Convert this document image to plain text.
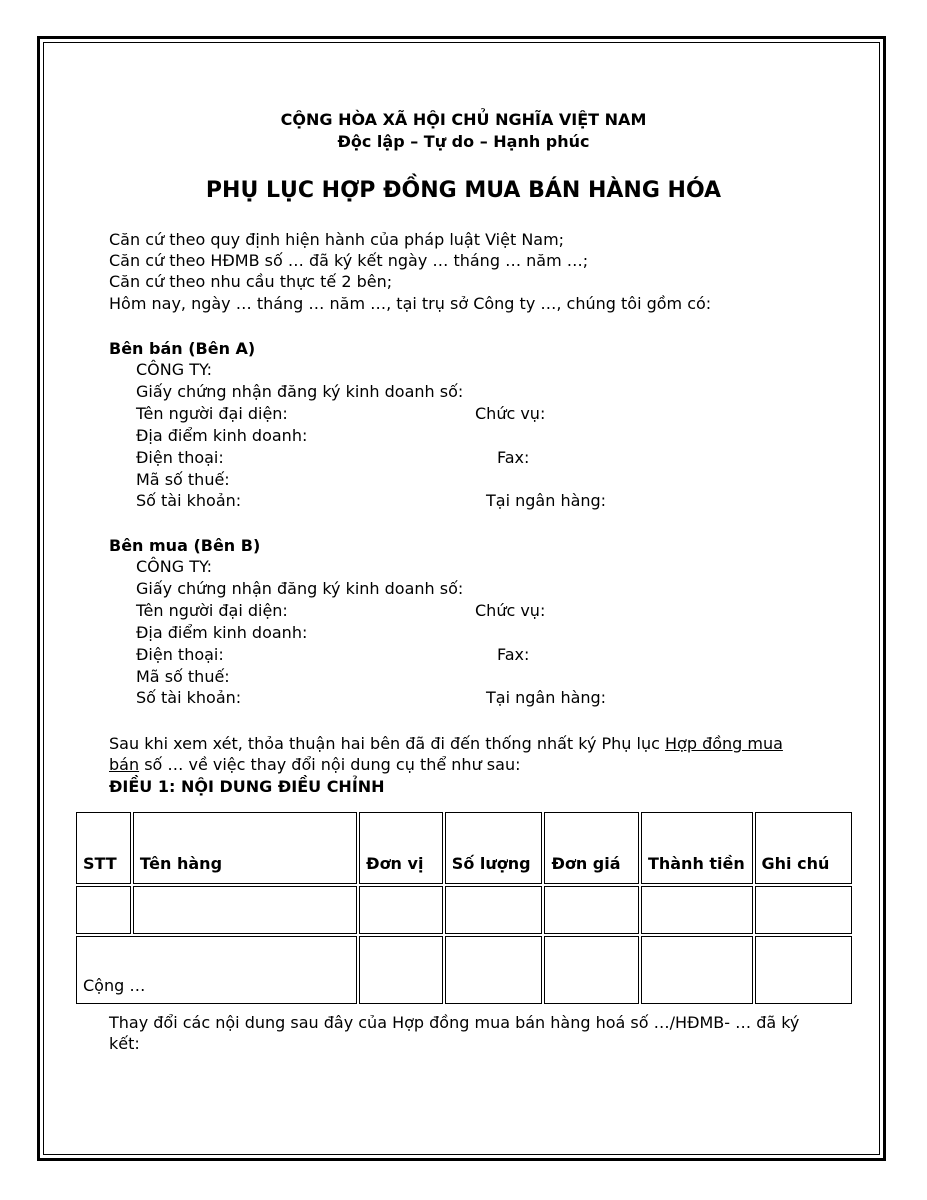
CỘNG HÒA XÃ HỘI CHỦ NGHĨA VIỆT NAM
Độc lập – Tự do – Hạnh phúc
PHỤ LỤC HỢP ĐỒNG MUA BÁN HÀNG HÓA
Căn cứ theo quy định hiện hành của pháp luật Việt Nam;
Căn cứ theo HĐMB số … đã ký kết ngày … tháng … năm …;
Căn cứ theo nhu cầu thực tế 2 bên;
Hôm nay, ngày … tháng … năm …, tại trụ sở Công ty …, chúng tôi gồm có:
Bên bán (Bên A)
CÔNG TY:
Giấy chứng nhận đăng ký kinh doanh số:
Tên người đại diện:	Chức vụ:
Địa điểm kinh doanh:
Điện thoại:	Fax:
Mã số thuế:
Số tài khoản:	Tại ngân hàng:
Bên mua (Bên B)
CÔNG TY:
Giấy chứng nhận đăng ký kinh doanh số:
Tên người đại diện:	Chức vụ:
Địa điểm kinh doanh:
Điện thoại:	Fax:
Mã số thuế:
Số tài khoản:	Tại ngân hàng:
Sau khi xem xét, thỏa thuận hai bên đã đi đến thống nhất ký Phụ lục Hợp đồng mua
bán số … về việc thay đổi nội dung cụ thể như sau:
ĐIỀU 1: NỘI DUNG ĐIỀU CHỈNH
STT	Tên hàng	Đơn vị	Số lượng	Đơn giá	Thành tiền	Ghi chú

Cộng …						
Thay đổi các nội dung sau đây của Hợp đồng mua bán hàng hoá số …/HĐMB- … đã ký
kết:
